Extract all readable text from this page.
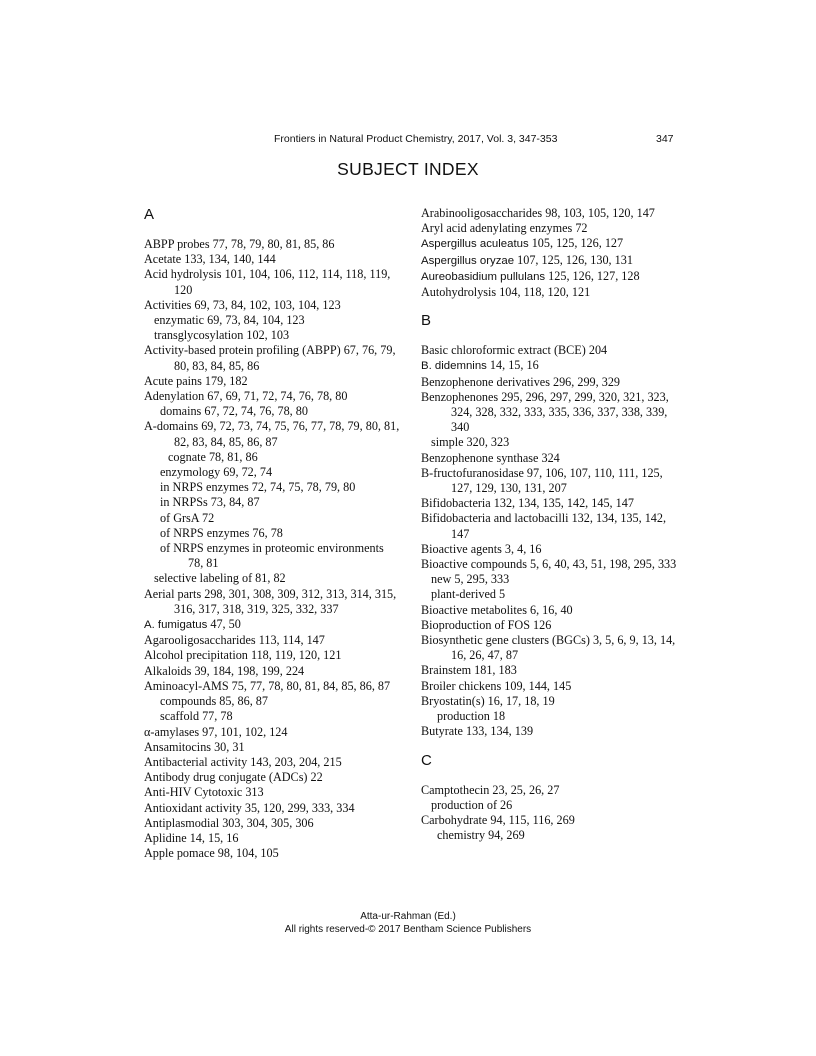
Frontiers in Natural Product Chemistry, 2017, Vol. 3, 347-353	347
SUBJECT INDEX
A
ABPP probes 77, 78, 79, 80, 81, 85, 86
Acetate 133, 134, 140, 144
Acid hydrolysis 101, 104, 106, 112, 114, 118, 119, 120
Activities 69, 73, 84, 102, 103, 104, 123
enzymatic 69, 73, 84, 104, 123
transglycosylation 102, 103
Activity-based protein profiling (ABPP) 67, 76, 79, 80, 83, 84, 85, 86
Acute pains 179, 182
Adenylation 67, 69, 71, 72, 74, 76, 78, 80
domains 67, 72, 74, 76, 78, 80
A-domains 69, 72, 73, 74, 75, 76, 77, 78, 79, 80, 81, 82, 83, 84, 85, 86, 87
cognate 78, 81, 86
enzymology 69, 72, 74
in NRPS enzymes 72, 74, 75, 78, 79, 80
in NRPSs 73, 84, 87
of GrsA 72
of NRPS enzymes 76, 78
of NRPS enzymes in proteomic environments 78, 81
selective labeling of 81, 82
Aerial parts 298, 301, 308, 309, 312, 313, 314, 315, 316, 317, 318, 319, 325, 332, 337
A. fumigatus 47, 50
Agarooligosaccharides 113, 114, 147
Alcohol precipitation 118, 119, 120, 121
Alkaloids 39, 184, 198, 199, 224
Aminoacyl-AMS 75, 77, 78, 80, 81, 84, 85, 86, 87
compounds 85, 86, 87
scaffold 77, 78
α-amylases 97, 101, 102, 124
Ansamitocins 30, 31
Antibacterial activity 143, 203, 204, 215
Antibody drug conjugate (ADCs) 22
Anti-HIV Cytotoxic 313
Antioxidant activity 35, 120, 299, 333, 334
Antiplasmodial 303, 304, 305, 306
Aplidine 14, 15, 16
Apple pomace 98, 104, 105
Arabinooligosaccharides 98, 103, 105, 120, 147
Aryl acid adenylating enzymes 72
Aspergillus aculeatus 105, 125, 126, 127
Aspergillus oryzae 107, 125, 126, 130, 131
Aureobasidium pullulans 125, 126, 127, 128
Autohydrolysis 104, 118, 120, 121
B
Basic chloroformic extract (BCE) 204
B. didemnins 14, 15, 16
Benzophenone derivatives 296, 299, 329
Benzophenones 295, 296, 297, 299, 320, 321, 323, 324, 328, 332, 333, 335, 336, 337, 338, 339, 340
simple 320, 323
Benzophenone synthase 324
B-fructofuranosidase 97, 106, 107, 110, 111, 125, 127, 129, 130, 131, 207
Bifidobacteria 132, 134, 135, 142, 145, 147
Bifidobacteria and lactobacilli 132, 134, 135, 142, 147
Bioactive agents 3, 4, 16
Bioactive compounds 5, 6, 40, 43, 51, 198, 295, 333
new 5, 295, 333
plant-derived 5
Bioactive metabolites 6, 16, 40
Bioproduction of FOS 126
Biosynthetic gene clusters (BGCs) 3, 5, 6, 9, 13, 14, 16, 26, 47, 87
Brainstem 181, 183
Broiler chickens 109, 144, 145
Bryostatin(s) 16, 17, 18, 19
production 18
Butyrate 133, 134, 139
C
Camptothecin 23, 25, 26, 27
production of 26
Carbohydrate 94, 115, 116, 269
chemistry 94, 269
Atta-ur-Rahman (Ed.)
All rights reserved-© 2017 Bentham Science Publishers
